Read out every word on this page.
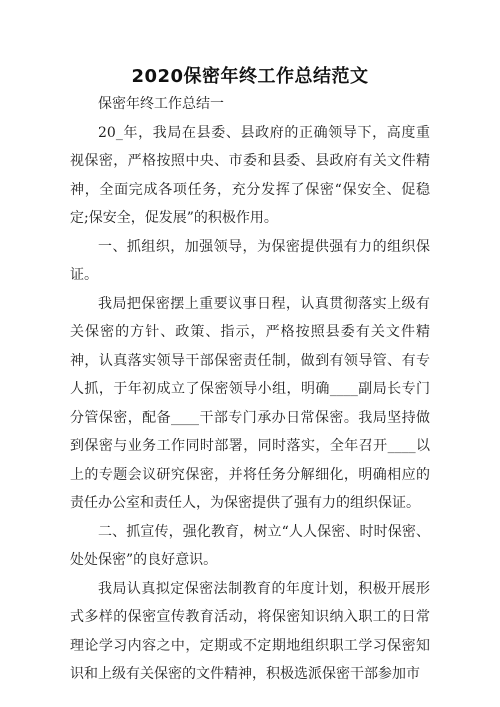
2020保密年终工作总结范文

保密年终工作总结一

20_年，我局在县委、县政府的正确领导下，高度重视保密，严格按照中央、市委和县委、县政府有关文件精神，全面完成各项任务，充分发挥了保密“保安全、促稳定;保安全，促发展”的积极作用。

一、抓组织，加强领导，为保密提供强有力的组织保证。

我局把保密摆上重要议事日程，认真贯彻落实上级有关保密的方针、政策、指示，严格按照县委有关文件精神，认真落实领导干部保密责任制，做到有领导管、有专人抓，于年初成立了保密领导小组，明确____副局长专门分管保密，配备____干部专门承办日常保密。我局坚持做到保密与业务工作同时部署，同时落实，全年召开____以上的专题会议研究保密，并将任务分解细化，明确相应的责任办公室和责任人，为保密提供了强有力的组织保证。

二、抓宣传，强化教育，树立“人人保密、时时保密、处处保密”的良好意识。

我局认真拟定保密法制教育的年度计划，积极开展形式多样的保密宣传教育活动，将保密知识纳入职工的日常理论学习内容之中，定期或不定期地组织职工学习保密知识和上级有关保密的文件精神，积极选派保密干部参加市
